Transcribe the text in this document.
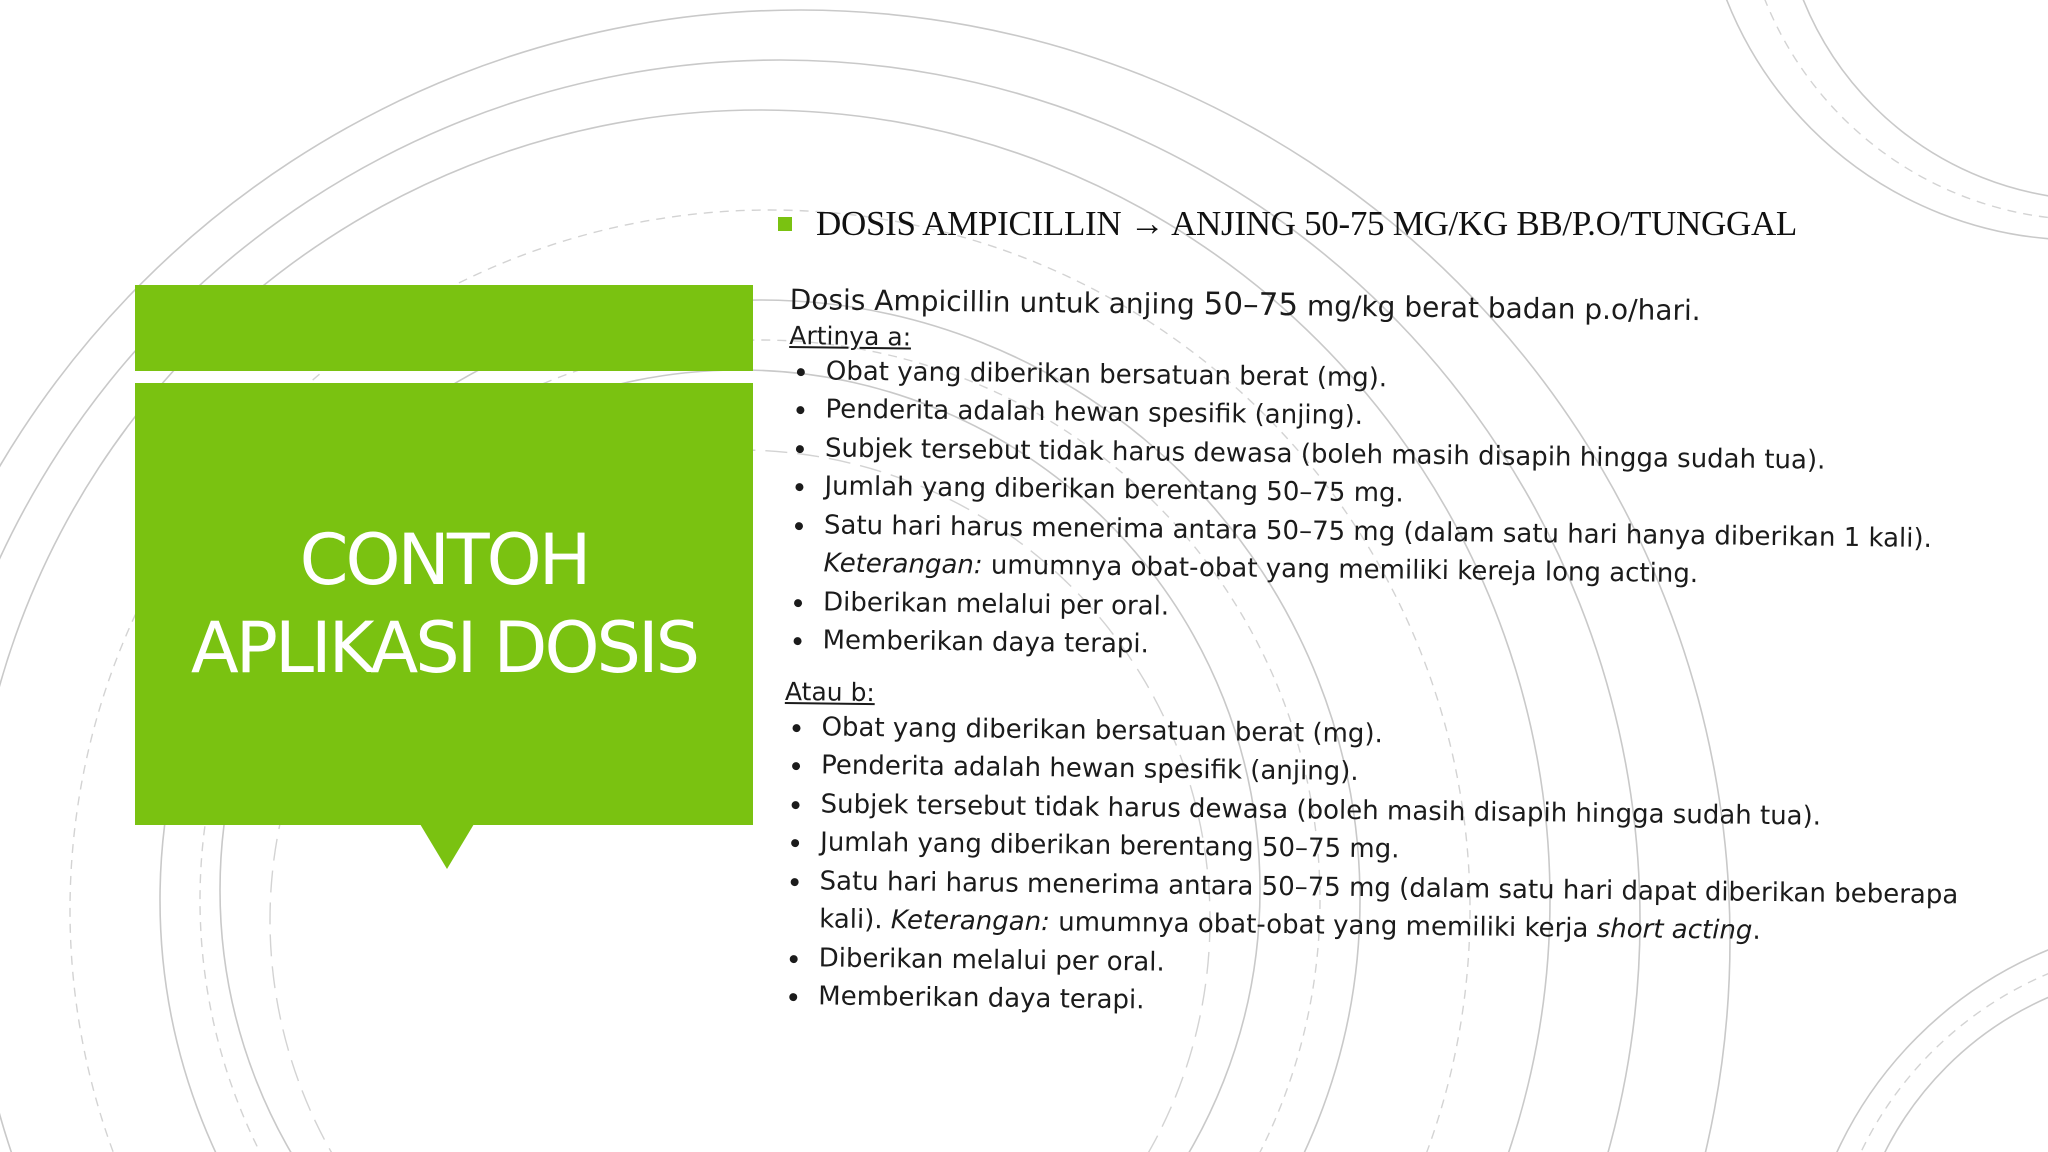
CONTOH
APLIKASI DOSIS
DOSIS AMPICILLIN → ANJING 50-75 MG/KG BB/P.O/TUNGGAL

Dosis Ampicillin untuk anjing 50–75 mg/kg berat badan p.o/hari.

Artinya a:

Obat yang diberikan bersatuan berat (mg).
Penderita adalah hewan spesifik (anjing).
Subjek tersebut tidak harus dewasa (boleh masih disapih hingga sudah tua).
Jumlah yang diberikan berentang 50–75 mg.
Satu hari harus menerima antara 50–75 mg (dalam satu hari hanya diberikan 1 kali).
Keterangan: umumnya obat-obat yang memiliki kereja long acting.
Diberikan melalui per oral.
Memberikan daya terapi.

Atau b:

Obat yang diberikan bersatuan berat (mg).
Penderita adalah hewan spesifik (anjing).
Subjek tersebut tidak harus dewasa (boleh masih disapih hingga sudah tua).
Jumlah yang diberikan berentang 50–75 mg.
Satu hari harus menerima antara 50–75 mg (dalam satu hari dapat diberikan beberapa
kali). Keterangan: umumnya obat-obat yang memiliki kerja short acting.
Diberikan melalui per oral.
Memberikan daya terapi.
